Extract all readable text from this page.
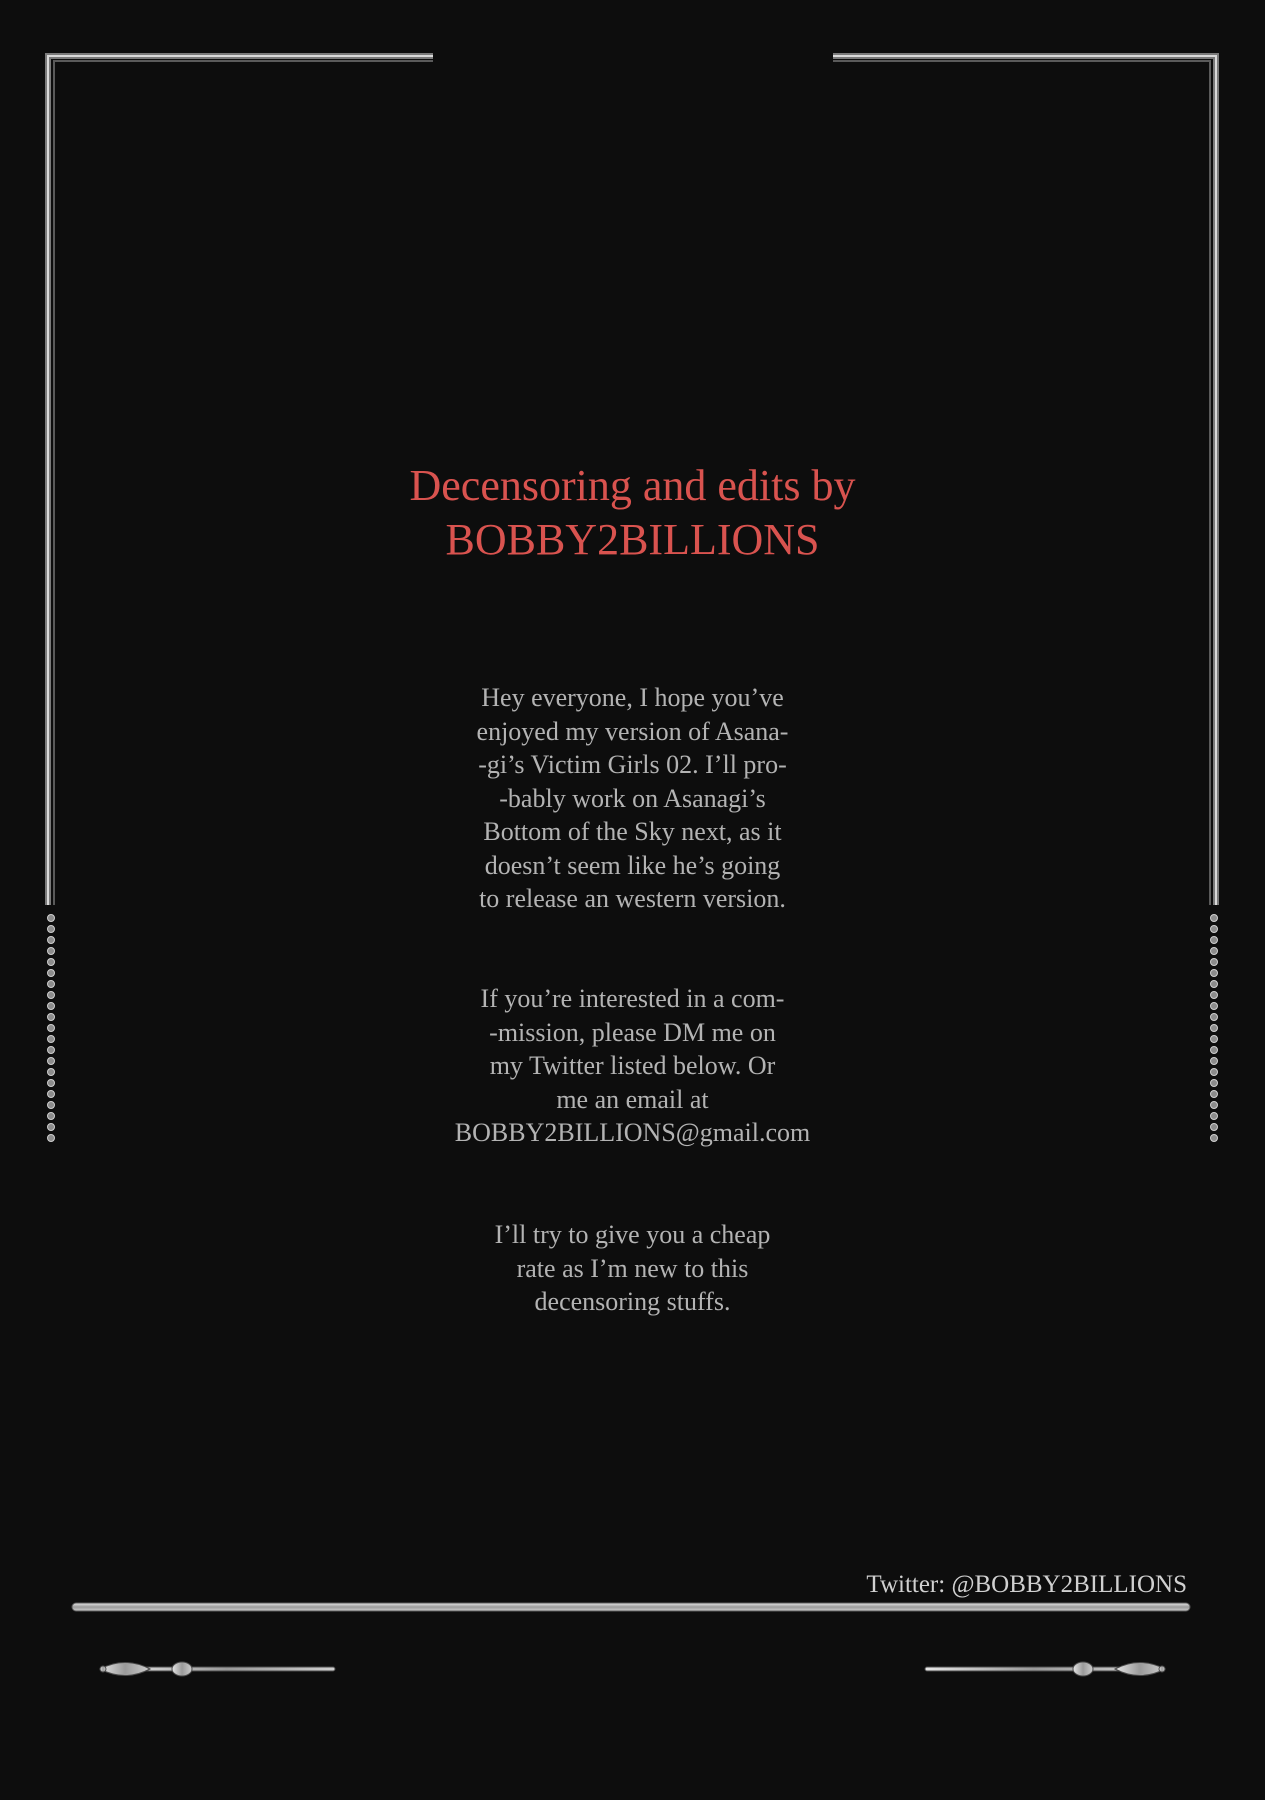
Decensoring and edits by
BOBBY2BILLIONS

Hey everyone, I hope you’ve
enjoyed my version of Asana-
-gi’s Victim Girls 02. I’ll pro-
-bably work on Asanagi’s
Bottom of the Sky next, as it
doesn’t seem like he’s going
to release an western version.

If you’re interested in a com-
-mission, please DM me on
my Twitter listed below. Or
me an email at
BOBBY2BILLIONS@gmail.com

I’ll try to give you a cheap
rate as I’m new to this
decensoring stuffs.

Twitter: @BOBBY2BILLIONS
